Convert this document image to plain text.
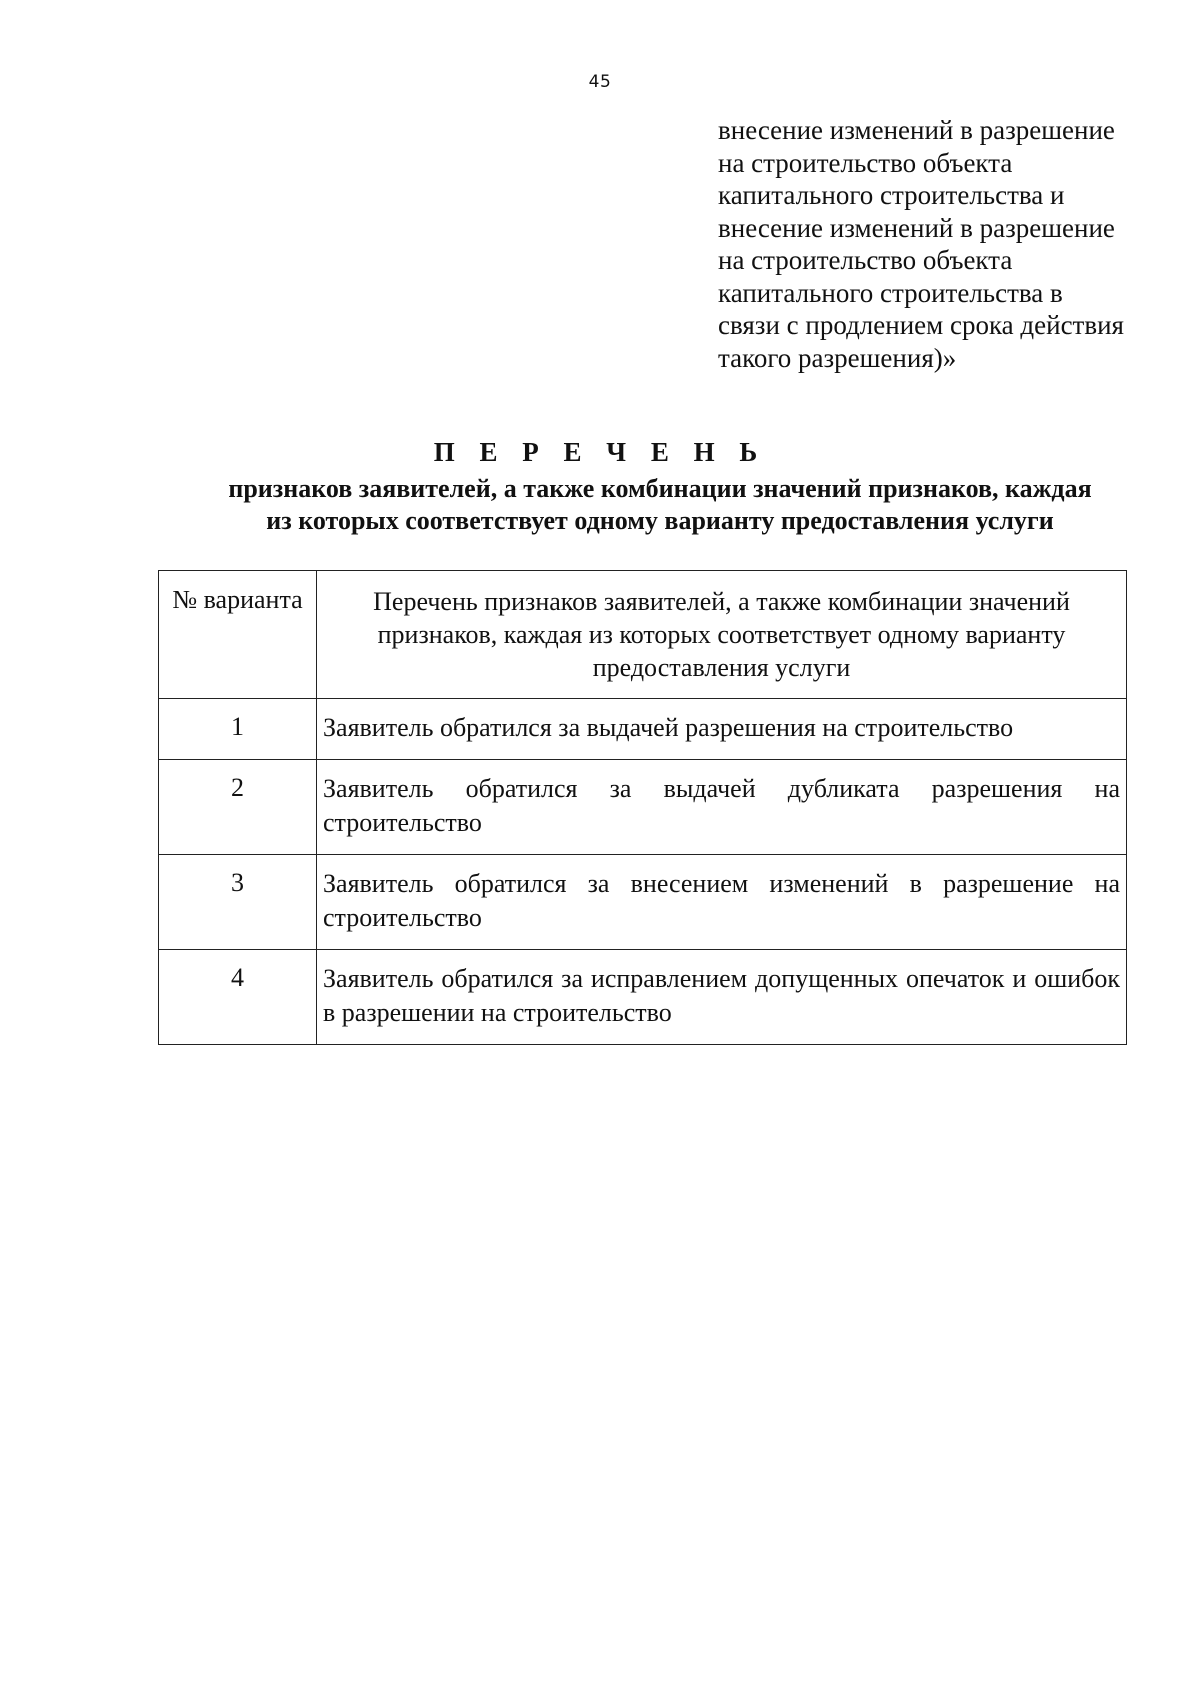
45
внесение изменений в разрешение
на строительство объекта
капитального строительства и
внесение изменений в разрешение
на строительство объекта
капитального строительства в
связи с продлением срока действия
такого разрешения)»
П Е Р Е Ч Е Н Ь
признаков заявителей, а также комбинации значений признаков, каждая
из которых соответствует одному варианту предоставления услуги
№ варианта	Перечень признаков заявителей, а также комбинации значений признаков, каждая из которых соответствует одному варианту предоставления услуги
1	Заявитель обратился за выдачей разрешения на строительство
2	Заявитель обратился за выдачей дубликата разрешения на строительство
3	Заявитель обратился за внесением изменений в разрешение на строительство
4	Заявитель обратился за исправлением допущенных опечаток и ошибок в разрешении на строительство
